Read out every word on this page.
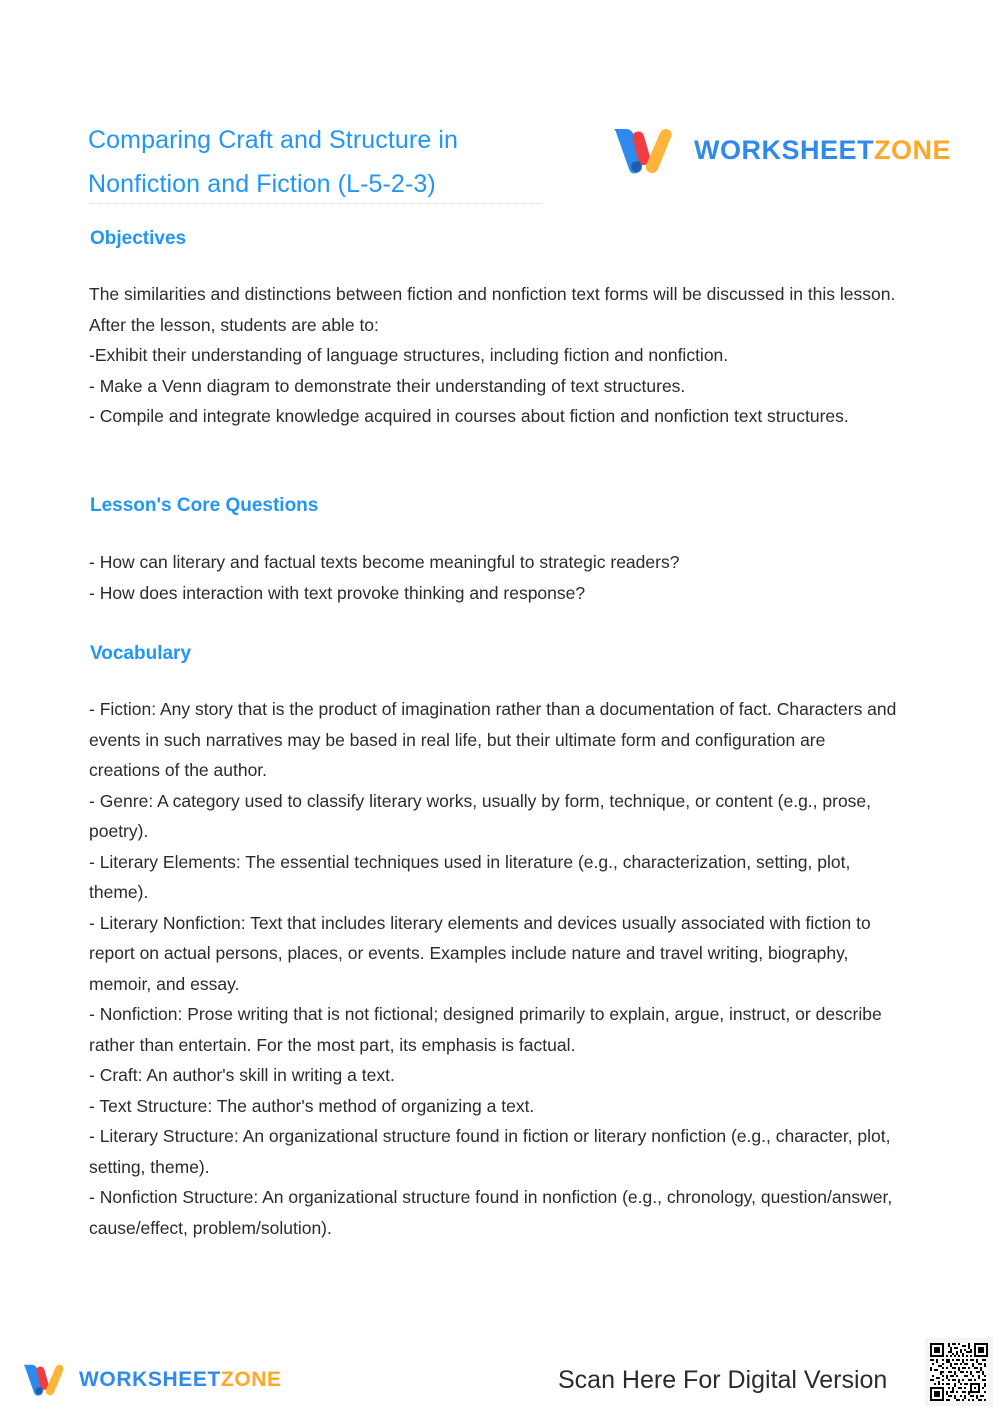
Comparing Craft and Structure in
Nonfiction and Fiction (L-5-2-3)
WORKSHEETZONE
Objectives

The similarities and distinctions between fiction and nonfiction text forms will be discussed in this lesson. After the lesson, students are able to:

-Exhibit their understanding of language structures, including fiction and nonfiction.

- Make a Venn diagram to demonstrate their understanding of text structures.

- Compile and integrate knowledge acquired in courses about fiction and nonfiction text structures.

Lesson's Core Questions

- How can literary and factual texts become meaningful to strategic readers?

- How does interaction with text provoke thinking and response?

Vocabulary

- Fiction: Any story that is the product of imagination rather than a documentation of fact. Characters and events in such narratives may be based in real life, but their ultimate form and configuration are creations of the author.

- Genre: A category used to classify literary works, usually by form, technique, or content (e.g., prose, poetry).

- Literary Elements: The essential techniques used in literature (e.g., characterization, setting, plot, theme).

- Literary Nonfiction: Text that includes literary elements and devices usually associated with fiction to report on actual persons, places, or events. Examples include nature and travel writing, biography, memoir, and essay.

- Nonfiction: Prose writing that is not fictional; designed primarily to explain, argue, instruct, or describe rather than entertain. For the most part, its emphasis is factual.

- Craft: An author's skill in writing a text.

- Text Structure: The author's method of organizing a text.

- Literary Structure: An organizational structure found in fiction or literary nonfiction (e.g., character, plot, setting, theme).

- Nonfiction Structure: An organizational structure found in nonfiction (e.g., chronology, question/answer, cause/effect, problem/solution).

WORKSHEETZONE	Scan Here For Digital Version
